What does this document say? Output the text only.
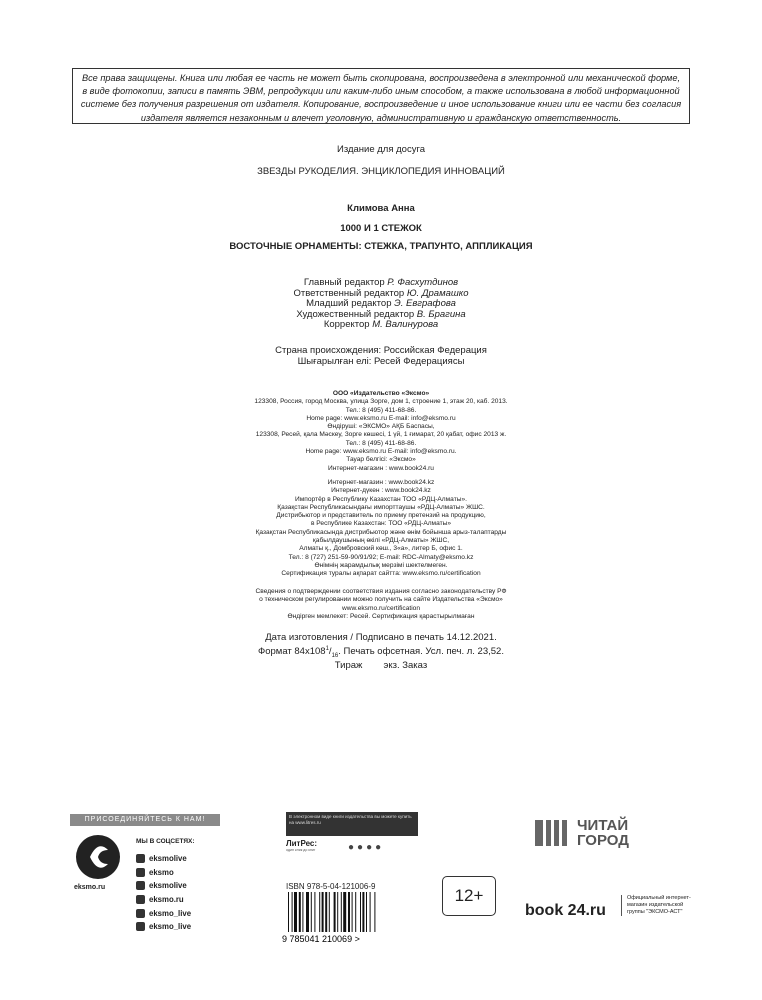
Все права защищены. Книга или любая ее часть не может быть скопирована, воспроизведена в электронной или механической форме, в виде фотокопии, записи в память ЭВМ, репродукции или каким-либо иным способом, а также использована в любой информационной системе без получения разрешения от издателя. Копирование, воспроизведение и иное использование книги или ее части без согласия издателя является незаконным и влечет уголовную, административную и гражданскую ответственность.
Издание для досуга
ЗВЕЗДЫ РУКОДЕЛИЯ. ЭНЦИКЛОПЕДИЯ ИННОВАЦИЙ
Климова Анна
1000 И 1 СТЕЖОК
ВОСТОЧНЫЕ ОРНАМЕНТЫ: СТЕЖКА, ТРАПУНТО, АППЛИКАЦИЯ
Главный редактор Р. Фасхутдинов
Ответственный редактор Ю. Драмашко
Младший редактор Э. Евграфова
Художественный редактор В. Брагина
Корректор М. Валинурова
Страна происхождения: Российская Федерация
Шығарылған елі: Ресей Федерациясы
ООО «Издательство «Эксмо»
123308, Россия, город Москва, улица Зорге, дом 1, строение 1, этаж 20, каб. 2013.
Тел.: 8 (495) 411-68-86.
Home page: www.eksmo.ru E-mail: info@eksmo.ru
Өндіруші: «ЭКСМО» АҚБ Баспасы,
123308, Ресей, қала Мәскеу, Зорге көшесі, 1 үй, 1 ғимарат, 20 қабат, офис 2013 ж.
Тел.: 8 (495) 411-68-86.
Home page: www.eksmo.ru E-mail: info@eksmo.ru.
Тауар белгісі: «Эксмо»
Интернет-магазин : www.book24.ru
Интернет-магазин : www.book24.kz
Интернет-дүкен : www.book24.kz
Импортёр в Республику Казахстан ТОО «РДЦ-Алматы».
Қазақстан Республикасындағы импорттаушы «РДЦ-Алматы» ЖШС.
Дистрибьютор и представитель по приему претензий на продукцию,
в Республике Казахстан: ТОО «РДЦ-Алматы»
Қазақстан Республикасында дистрибьютор және өнім бойынша арыз-талаптарды
қабылдаушының өкілі «РДЦ-Алматы» ЖШС,
Алматы қ., Домбровский көш., 3«а», литер Б, офис 1.
Тел.: 8 (727) 251-59-90/91/92; E-mail: RDC-Almaty@eksmo.kz
Өнімнің жарамдылық мерзімі шектелмеген.
Сертификация туралы ақпарат сайтта: www.eksmo.ru/certification
Сведения о подтверждении соответствия издания согласно законодательству РФ
о техническом регулировании можно получить на сайте Издательства «Эксмо»
www.eksmo.ru/certification
Өндірген мемлекет: Ресей. Сертификация қарастырылмаған
Дата изготовления / Подписано в печать 14.12.2021.
Формат $84x108^1/_{16}$. Печать офсетная. Усл. печ. л. 23,52.
Тираж        экз. Заказ
ПРИСОЕДИНЯЙТЕСЬ К НАМ!
eksmo.ru
МЫ В СОЦСЕТЯХ:
eksmolive
eksmo
eksmolive
eksmo.ru
eksmo_live
eksmo_live
В электронном виде книги издательства вы можете купить на www.litres.ru
ЛитРес:
один клик до книг	●●●●
ISBN 978-5-04-121006-9
9 785041 210069 >
12+
ЧИТАЙ
ГОРОД
book 24.ru
Официальный интернет-магазин издательской группы "ЭКСМО-АСТ"
